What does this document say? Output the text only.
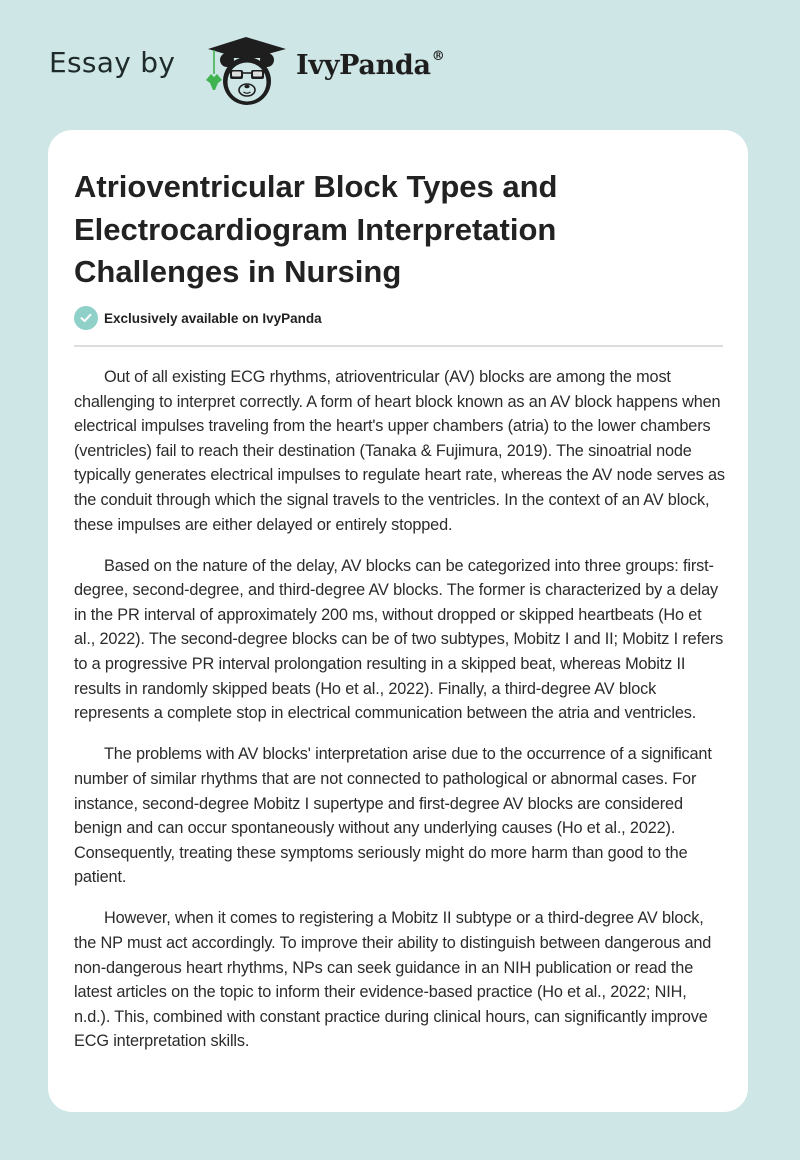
Essay by	IvyPanda®
Atrioventricular Block Types and Electrocardiogram Interpretation Challenges in Nursing
Exclusively available on IvyPanda

Out of all existing ECG rhythms, atrioventricular (AV) blocks are among the most challenging to interpret correctly. A form of heart block known as an AV block happens when electrical impulses traveling from the heart's upper chambers (atria) to the lower chambers (ventricles) fail to reach their destination (Tanaka & Fujimura, 2019). The sinoatrial node typically generates electrical impulses to regulate heart rate, whereas the AV node serves as the conduit through which the signal travels to the ventricles. In the context of an AV block, these impulses are either delayed or entirely stopped.

Based on the nature of the delay, AV blocks can be categorized into three groups: first-degree, second-degree, and third-degree AV blocks. The former is characterized by a delay in the PR interval of approximately 200 ms, without dropped or skipped heartbeats (Ho et al., 2022). The second-degree blocks can be of two subtypes, Mobitz I and II; Mobitz I refers to a progressive PR interval prolongation resulting in a skipped beat, whereas Mobitz II results in randomly skipped beats (Ho et al., 2022). Finally, a third-degree AV block represents a complete stop in electrical communication between the atria and ventricles.

The problems with AV blocks' interpretation arise due to the occurrence of a significant number of similar rhythms that are not connected to pathological or abnormal cases. For instance, second-degree Mobitz I supertype and first-degree AV blocks are considered benign and can occur spontaneously without any underlying causes (Ho et al., 2022). Consequently, treating these symptoms seriously might do more harm than good to the patient.

However, when it comes to registering a Mobitz II subtype or a third-degree AV block, the NP must act accordingly. To improve their ability to distinguish between dangerous and non-dangerous heart rhythms, NPs can seek guidance in an NIH publication or read the latest articles on the topic to inform their evidence-based practice (Ho et al., 2022; NIH, n.d.). This, combined with constant practice during clinical hours, can significantly improve ECG interpretation skills.
